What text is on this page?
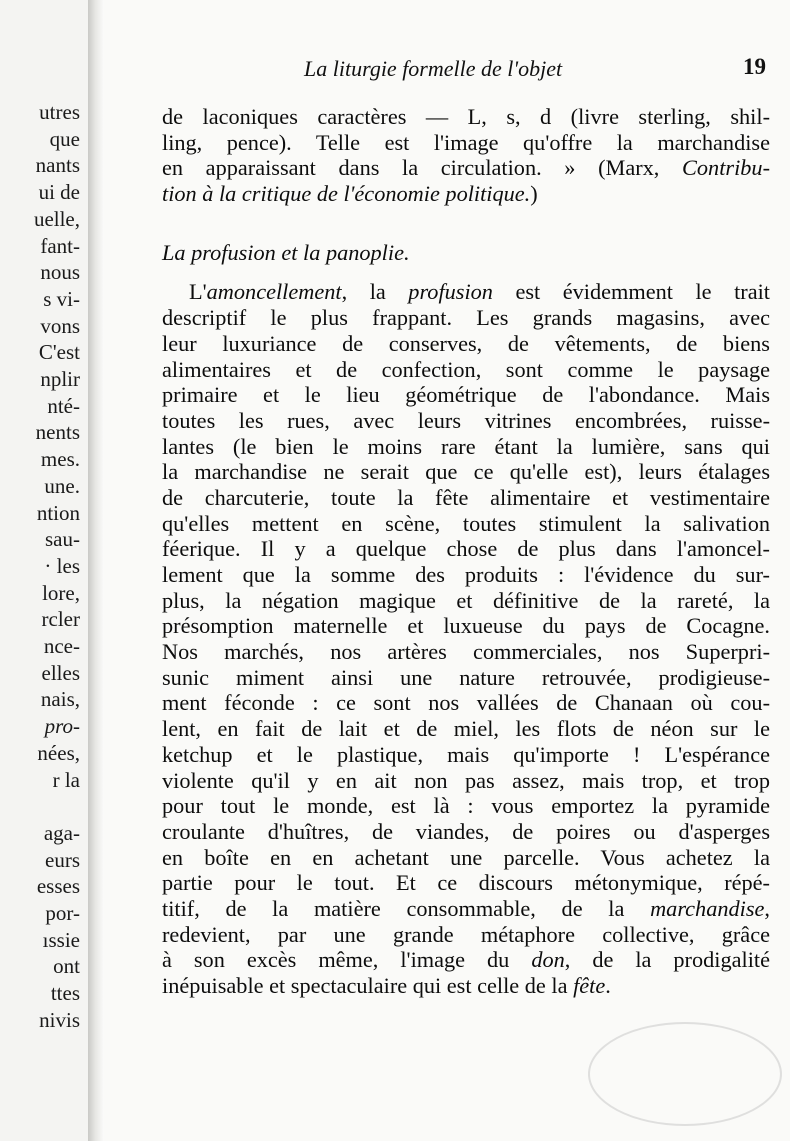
utres
que
nants
ui de
uelle,
fant-
nous
s vi-
vons
C'est
nplir
nté-
nents
mes.
une.
ntion
sau-
· les
lore,
rcler
nce-
elles
nais,
pro-
nées,
r la
aga-
eurs
esses
por-
ıssie
ont
ttes
nivis
La liturgie formelle de l'objet	19
de laconiques caractères — L, s, d (livre sterling, shil-
ling, pence). Telle est l'image qu'offre la marchandise
en apparaissant dans la circulation. » (Marx, Contribu-
tion à la critique de l'économie politique.)
La profusion et la panoplie.
L'amoncellement, la profusion est évidemment le trait
descriptif le plus frappant. Les grands magasins, avec
leur luxuriance de conserves, de vêtements, de biens
alimentaires et de confection, sont comme le paysage
primaire et le lieu géométrique de l'abondance. Mais
toutes les rues, avec leurs vitrines encombrées, ruisse-
lantes (le bien le moins rare étant la lumière, sans qui
la marchandise ne serait que ce qu'elle est), leurs étalages
de charcuterie, toute la fête alimentaire et vestimentaire
qu'elles mettent en scène, toutes stimulent la salivation
féerique. Il y a quelque chose de plus dans l'amoncel-
lement que la somme des produits : l'évidence du sur-
plus, la négation magique et définitive de la rareté, la
présomption maternelle et luxueuse du pays de Cocagne.
Nos marchés, nos artères commerciales, nos Superpri-
sunic miment ainsi une nature retrouvée, prodigieuse-
ment féconde : ce sont nos vallées de Chanaan où cou-
lent, en fait de lait et de miel, les flots de néon sur le
ketchup et le plastique, mais qu'importe ! L'espérance
violente qu'il y en ait non pas assez, mais trop, et trop
pour tout le monde, est là : vous emportez la pyramide
croulante d'huîtres, de viandes, de poires ou d'asperges
en boîte en en achetant une parcelle. Vous achetez la
partie pour le tout. Et ce discours métonymique, répé-
titif, de la matière consommable, de la marchandise,
redevient, par une grande métaphore collective, grâce
à son excès même, l'image du don, de la prodigalité
inépuisable et spectaculaire qui est celle de la fête.
